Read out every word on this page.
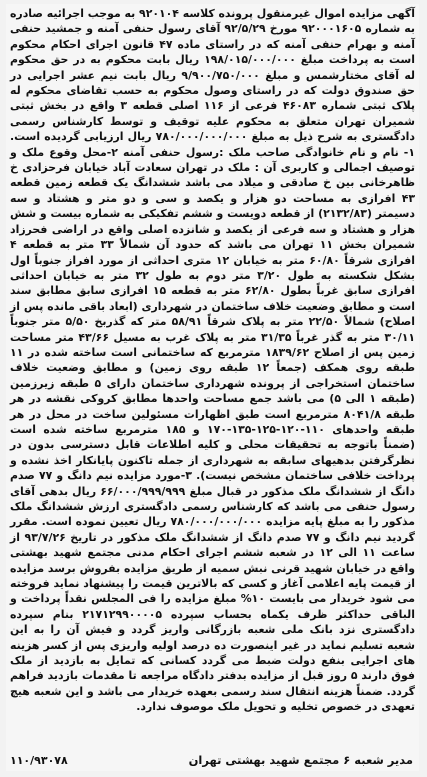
آگهی مزایده اموال غیرمنقول پرونده کلاسه ۹۲۰۱۰۴ به موجب اجرائیه صادره به شماره ۹۲۰۰۰۱۶۰۵ مورخ ۹۲/۵/۲۹ آقای رسول حنفی آمنه و جمشید حنفی آمنه و بهرام حنفی آمنه که در راستای ماده ۴۷ قانون اجرای احکام محکوم است به پرداخت مبلغ ۱۹۸/۰۱۵/۰۰۰/۰۰۰ ریال بابت محکوم به در حق محکوم له آقای مختارشمس و مبلغ ۹/۹۰۰/۷۵۰/۰۰۰ ریال بابت نیم عشر اجرایی در حق صندوق دولت که در راستای وصول محکوم به حسب تقاضای محکوم له پلاک ثبتی شماره ۴۶۰۸۳ فرعی از ۱۱۶ اصلی قطعه ۳ واقع در بخش ثبتی شمیران تهران متعلق به محکوم علیه توقیف و توسط کارشناس رسمی دادگستری به شرح ذیل به مبلغ ۷۸۰/۰۰۰/۰۰۰/۰۰۰ ریال ارزیابی گردیده است. ۱- نام و نام خانوادگی صاحب ملک :رسول حنفی آمنه ۲-محل وقوع ملک و توصیف اجمالی و کاربری آن : ملک در تهران سعادت آباد خیابان فرحزادی خ ظاهرخانی بین خ صادقی و میلاد می باشد ششدانگ یک قطعه زمین قطعه ۴۳ افرازی به مساحت دو هزار و یکصد و سی و دو متر و هشتاد و سه دسیمتر (۲۱۳۲/۸۳) از قطعه دویست و ششم تفکیکی به شماره بیست و شش هزار و هشتاد و سه فرعی از یکصد و شانزده اصلی واقع در اراضی فحرزاد شمیران بخش ۱۱ تهران می باشد که حدود آن شمالاً ۳۳ متر به قطعه ۴ افرازی شرقاً ۶۰/۸۰ متر به خیابان ۱۲ متری احداثی از مورد افراز جنوباً اول بشکل شکسته به طول ۳/۲۰ متر دوم به طول ۳۲ متر به خیابان احداثی افرازی سابق غرباً بطول ۶۲/۸۰ متر به قطعه ۱۵ افرازی سابق مطابق سند است و مطابق وضعیت خلاف ساختمان در شهرداری (ابعاد باقی مانده پس از اصلاح) شمالاً ۲۲/۵۰ متر به پلاک شرقاً ۵۸/۹۱ متر که گذربخ ۵/۵۰ متر جنوباً ۳۰/۱۱ متر به گذر غرباً ۳۱/۳۵ متر به پلاک غرب به مسیل ۴۳/۶۶ متر مساحت زمین پس از اصلاح ۱۸۳۹/۶۲ مترمربع که ساختمانی است ساخته شده در ۱۱ طبقه روی همکف (جمعاً ۱۲ طبقه روی زمین) و مطابق وضعیت خلاف ساختمان استخراجی از پرونده شهرداری ساختمان دارای ۵ طبقه زیرزمین (طبقه ۱ الی ۵) می باشد جمع مساحت واحدها مطابق کروکی نقشه در هر طبقه ۸۰۴۱/۸ مترمربع است طبق اظهارات مسئولین ساخت در محل در هر طبقه واحدهای ۱۱۰-۱۲۰-۱۲۵-۱۳۵-۱۷۰ و ۱۸۵ مترمربع ساخته شده است (ضمناً باتوجه به تحقیقات محلی و کلیه اطلاعات قابل دسترسی بدون در نظرگرفتن بدهیهای سابقه به شهرداری از جمله تاکنون پایانکار اخذ نشده و پرداخت خلافی ساختمان مشخص نیست). ۳-مورد مزایده نیم دانگ و ۷۷ صدم دانگ از ششدانگ ملک مذکور در قبال مبلغ ۶۶/۰۰۰/۹۹۹/۹۹۹ ریال بدهی آقای رسول حنفی می باشد که کارشناس رسمی دادگستری ارزش ششدانگ ملک مذکور را به مبلغ پایه مزایده ۷۸۰/۰۰۰/۰۰۰/۰۰۰ ریال تعیین نموده است. مقرر گردید نیم دانگ و ۷۷ صدم دانگ از ششدانگ ملک مذکور در تاریخ ۹۳/۷/۲۶ از ساعت ۱۱ الی ۱۲ در شعبه ششم اجرای احکام مدنی مجتمع شهید بهشتی واقع در خیابان شهید قرنی نبش سمیه از طریق مزایده بفروش برسد مزایده از قیمت پایه اعلامی آغاز و کسی که بالاترین قیمت را پیشنهاد نماید فروخته می شود خریدار می بایست ۱۰% مبلغ مزایده را فی المجلس نقداً پرداخت و الباقی حداکثر ظرف یکماه بحساب سپرده ۲۱۷۱۲۹۹۰۰۰۰۵ بنام سپرده دادگستری نزد بانک ملی شعبه بازرگانی واریز گردد و فیش آن را به این شعبه تسلیم نماید در غیر اینصورت ده درصد اولیه واریزی پس از کسر هزینه های اجرایی بنفع دولت ضبط می گردد کسانی که تمایل به بازدید از ملک فوق دارند ۵ روز قبل از مزایده بدفتر دادگاه مراجعه تا مقدمات بازدید فراهم گردد. ضمناً هزینه انتقال سند رسمی بعهده خریدار می باشد و این شعبه هیچ تعهدی در خصوص تخلیه و تحویل ملک موصوف ندارد.

مدیر شعبه ۶ مجتمع شهید بهشتی تهران
۱۱۰/۹۳۰۷۸
